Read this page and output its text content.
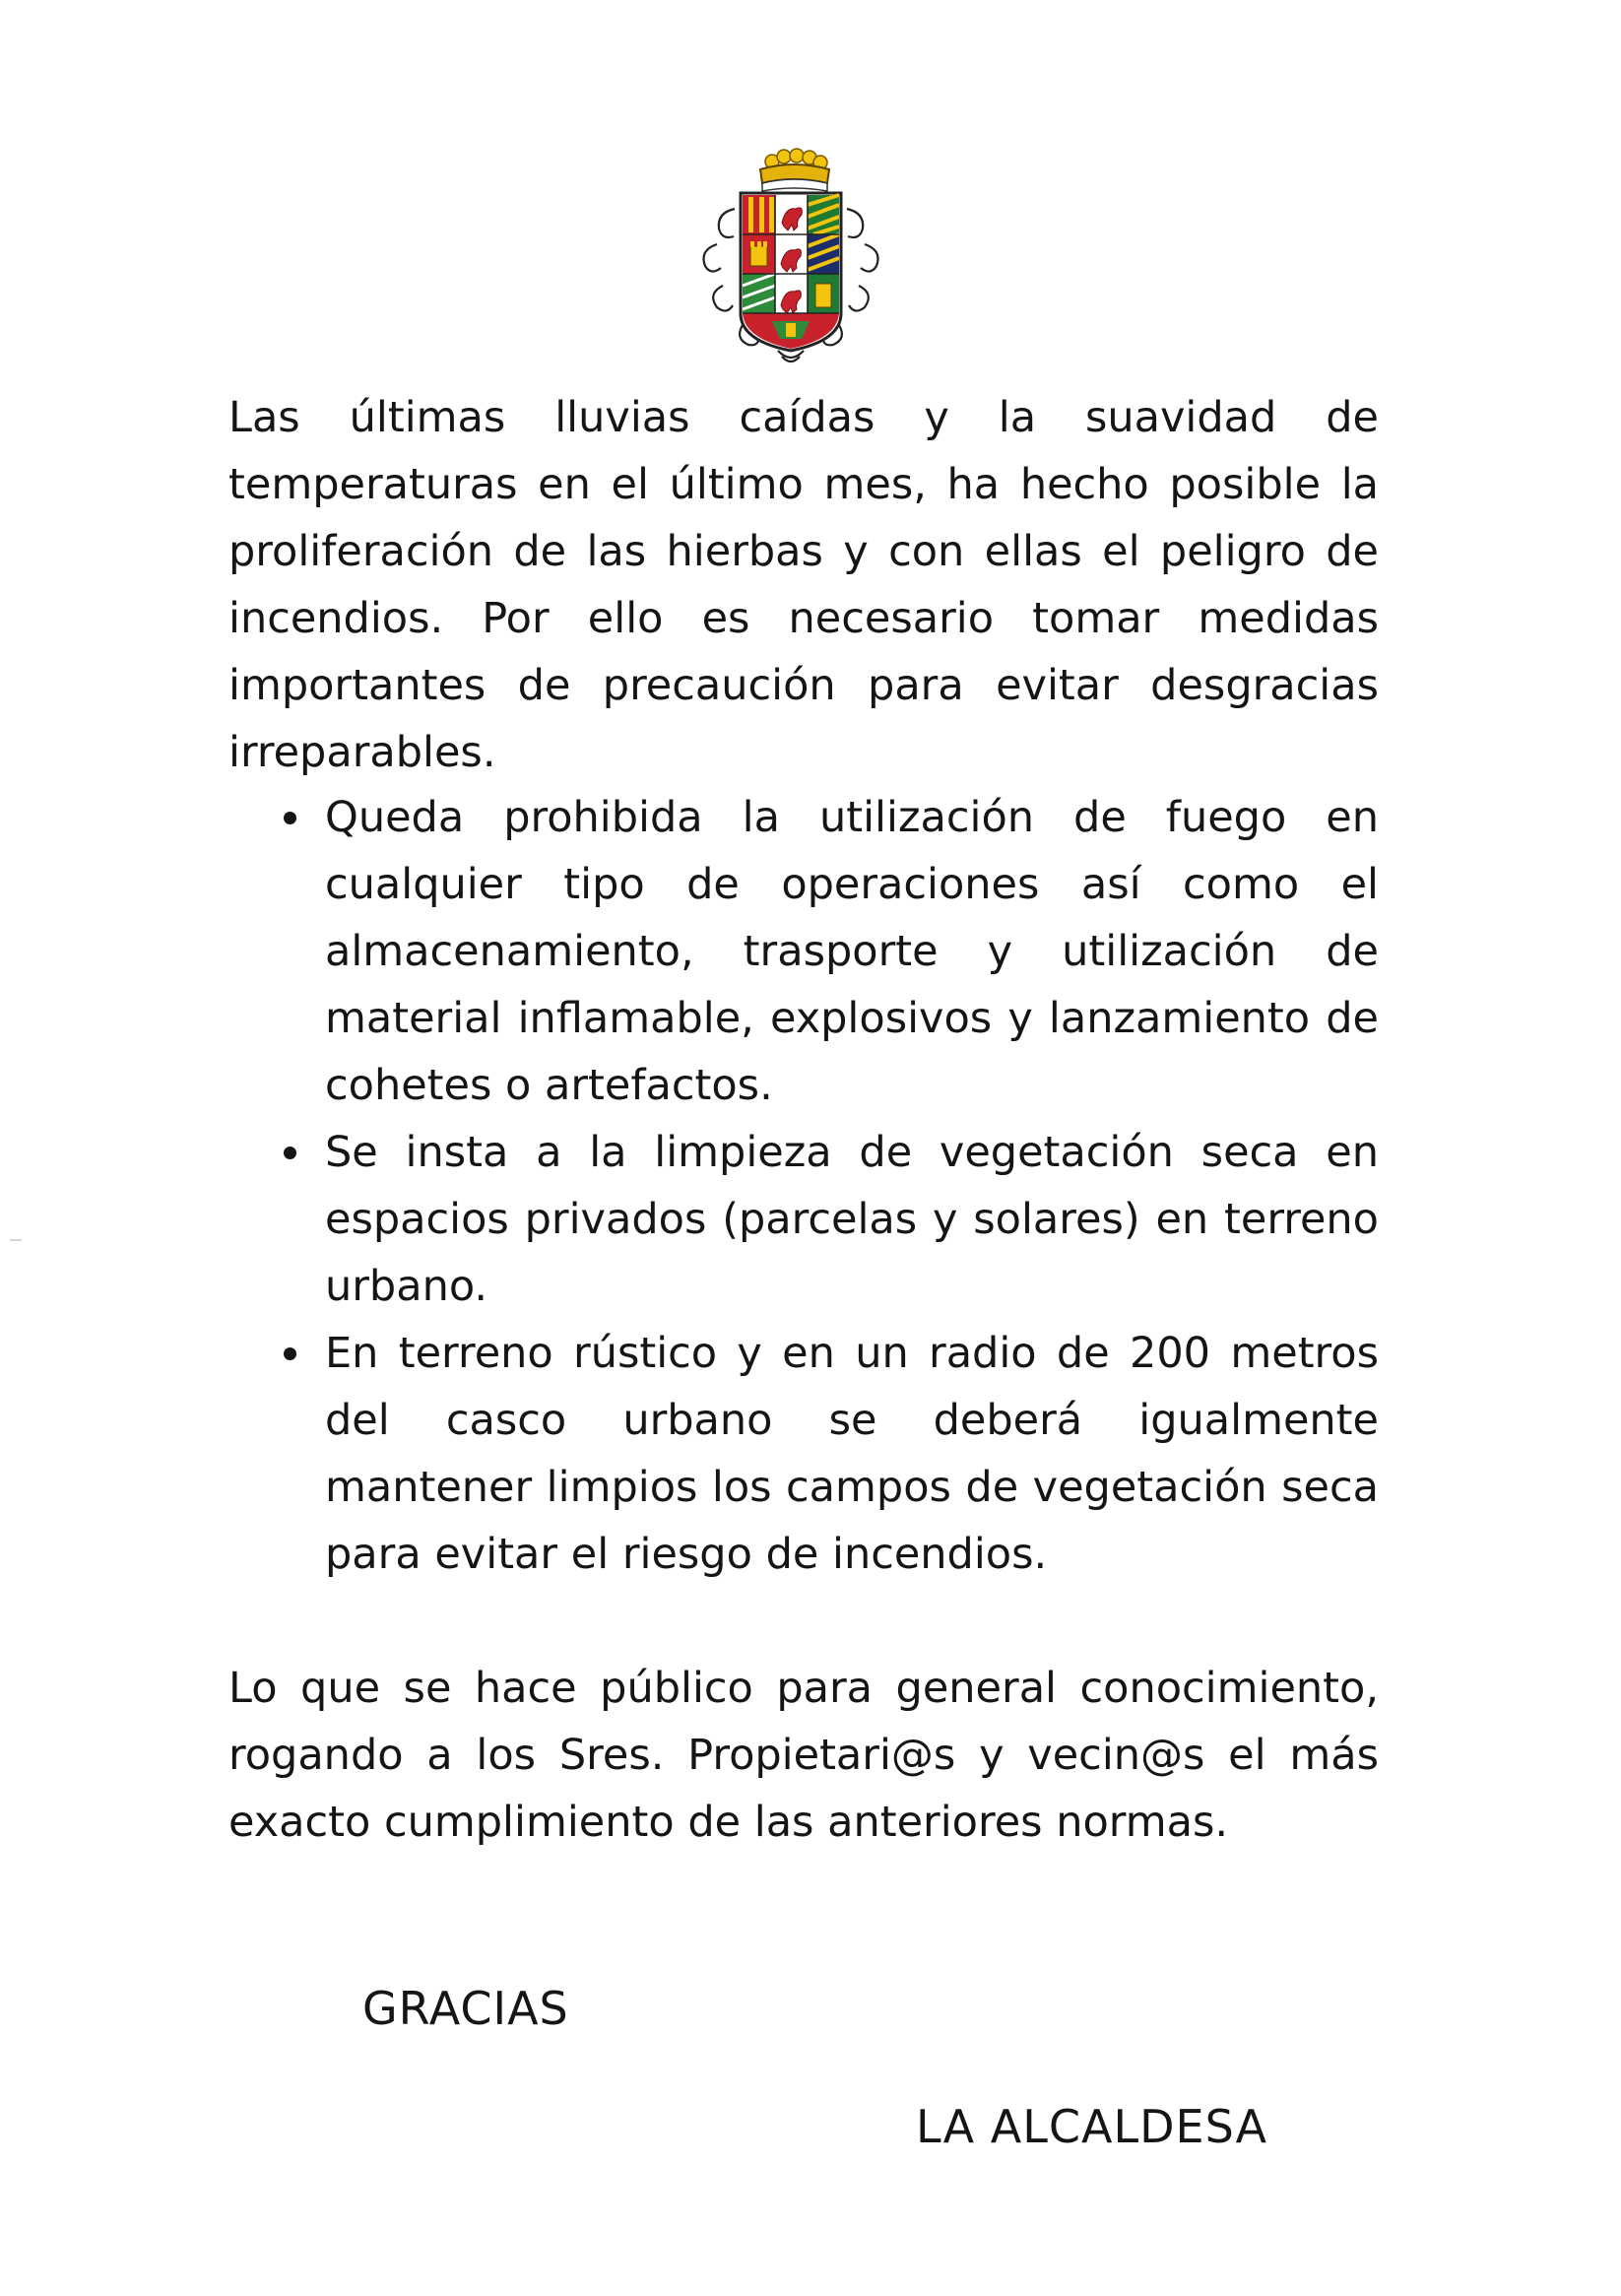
Las últimas lluvias caídas y la suavidad de temperaturas en el último mes, ha hecho posible la proliferación de las hierbas y con ellas el peligro de incendios. Por ello es necesario tomar medidas importantes de precaución para evitar desgracias irreparables.

Queda prohibida la utilización de fuego en cualquier tipo de operaciones así como el almacenamiento, trasporte y utilización de material inflamable, explosivos y lanzamiento de cohetes o artefactos.
Se insta a la limpieza de vegetación seca en espacios privados (parcelas y solares) en terreno urbano.
En terreno rústico y en un radio de 200 metros del casco urbano se deberá igualmente mantener limpios los campos de vegetación seca para evitar el riesgo de incendios.

Lo que se hace público para general conocimiento, rogando a los Sres. Propietari@s y vecin@s el más exacto cumplimiento de las anteriores normas.

GRACIAS

LA ALCALDESA
